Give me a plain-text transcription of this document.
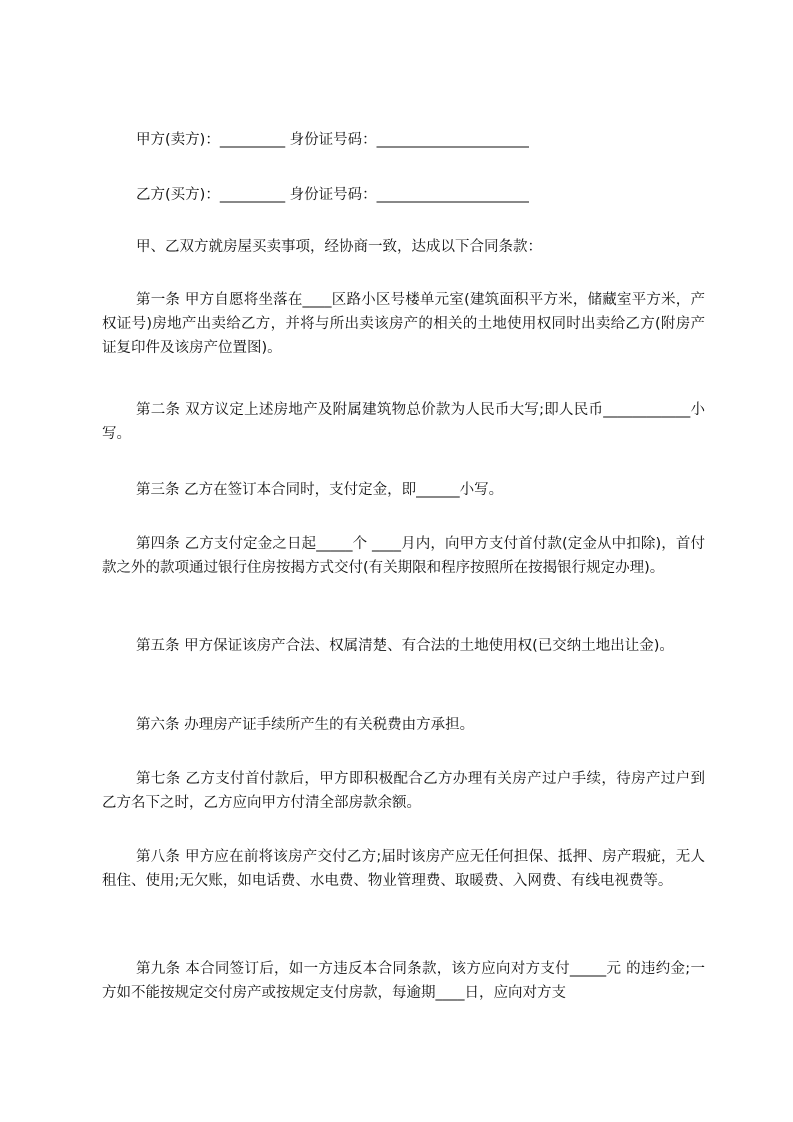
甲方(卖方)：_________ 身份证号码：_____________________

乙方(买方)：_________ 身份证号码：_____________________

甲、乙双方就房屋买卖事项，经协商一致，达成以下合同条款：

第一条 甲方自愿将坐落在____区路小区号楼单元室(建筑面积平方米，储藏室平方米，产权证号)房地产出卖给乙方，并将与所出卖该房产的相关的土地使用权同时出卖给乙方(附房产证复印件及该房产位置图)。

第二条 双方议定上述房地产及附属建筑物总价款为人民币大写;即人民币____________小写。

第三条 乙方在签订本合同时，支付定金，即______小写。

第四条 乙方支付定金之日起_____个 ____月内，向甲方支付首付款(定金从中扣除)，首付款之外的款项通过银行住房按揭方式交付(有关期限和程序按照所在按揭银行规定办理)。

第五条 甲方保证该房产合法、权属清楚、有合法的土地使用权(已交纳土地出让金)。

第六条 办理房产证手续所产生的有关税费由方承担。

第七条 乙方支付首付款后，甲方即积极配合乙方办理有关房产过户手续，待房产过户到乙方名下之时，乙方应向甲方付清全部房款余额。

第八条 甲方应在前将该房产交付乙方;届时该房产应无任何担保、抵押、房产瑕疵，无人租住、使用;无欠账，如电话费、水电费、物业管理费、取暖费、入网费、有线电视费等。

第九条 本合同签订后，如一方违反本合同条款，该方应向对方支付_____元 的违约金;一方如不能按规定交付房产或按规定支付房款，每逾期____日，应向对方支
